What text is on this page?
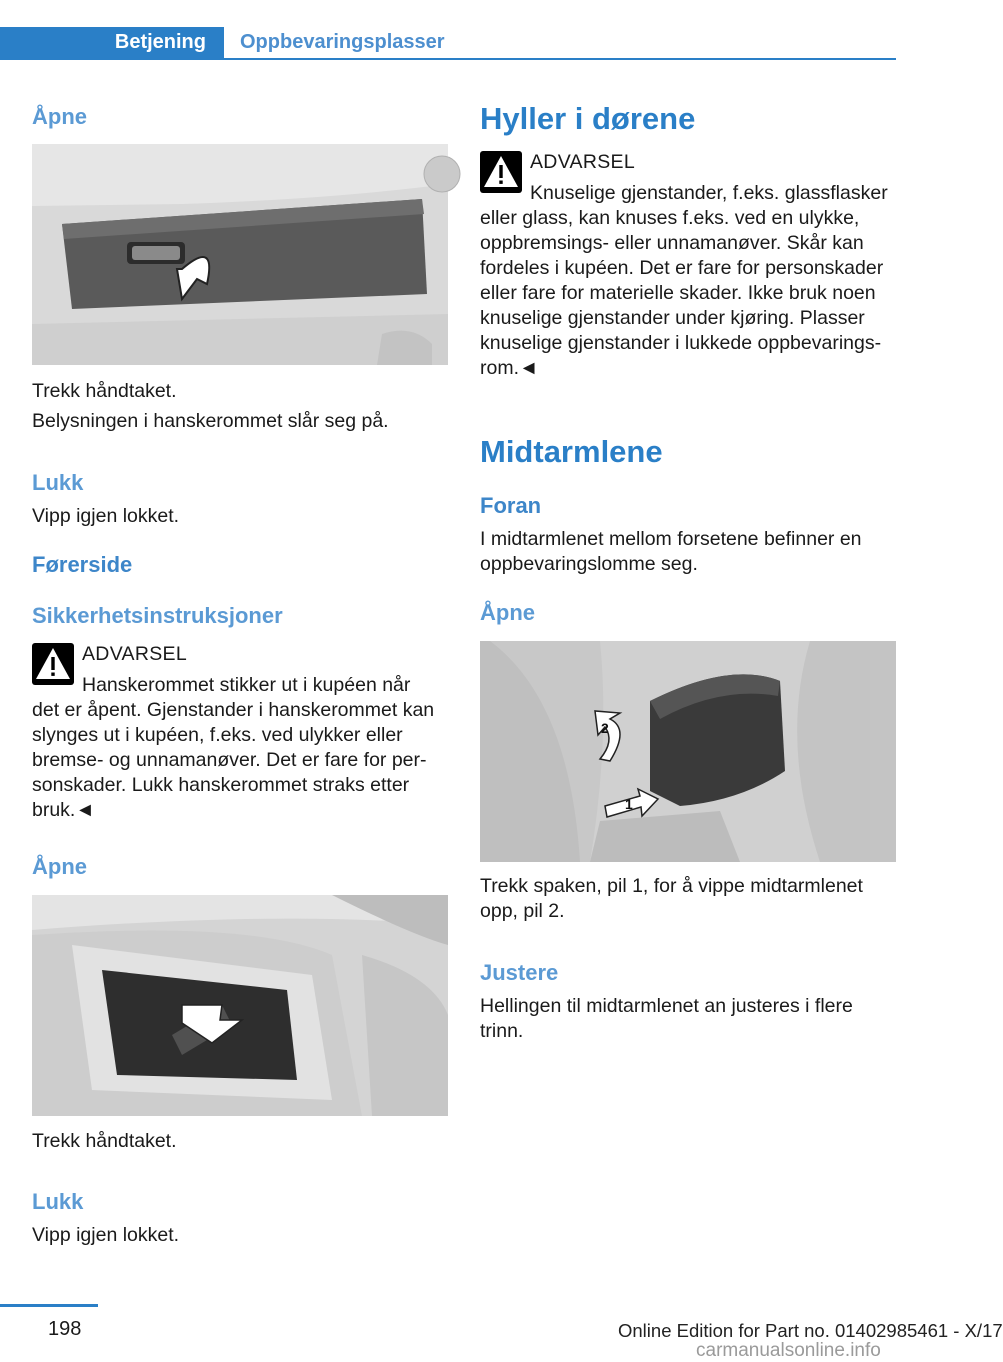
Betjening Oppbevaringsplasser
Åpne
Trekk håndtaket.
Belysningen i hanskerommet slår seg på.
Lukk
Vipp igjen lokket.
Førerside
Sikkerhetsinstruksjoner
ADVARSEL
Hanskerommet stikker ut i kupéen når
det er åpent. Gjenstander i hanskerommet kan
slynges ut i kupéen, f.eks. ved ulykker eller
bremse- og unnamanøver. Det er fare for per‐
sonskader. Lukk hanskerommet straks etter
bruk.◄
Åpne
Trekk håndtaket.
Lukk
Vipp igjen lokket.
Hyller i dørene
ADVARSEL
Knuselige gjenstander, f.eks. glassflasker
eller glass, kan knuses f.eks. ved en ulykke,
oppbremsings- eller unnamanøver. Skår kan
fordeles i kupéen. Det er fare for personskader
eller fare for materielle skader. Ikke bruk noen
knuselige gjenstander under kjøring. Plasser
knuselige gjenstander i lukkede oppbevarings‐
rom.◄
Midtarmlene
Foran
I midtarmlenet mellom forsetene befinner en
oppbevaringslomme seg.
Åpne
2
1
Trekk spaken, pil 1, for å vippe midtarmlenet
opp, pil 2.
Justere
Hellingen til midtarmlenet an justeres i flere
trinn.
198	Online Edition for Part no. 01402985461 - X/17
carmanualsonline.info
